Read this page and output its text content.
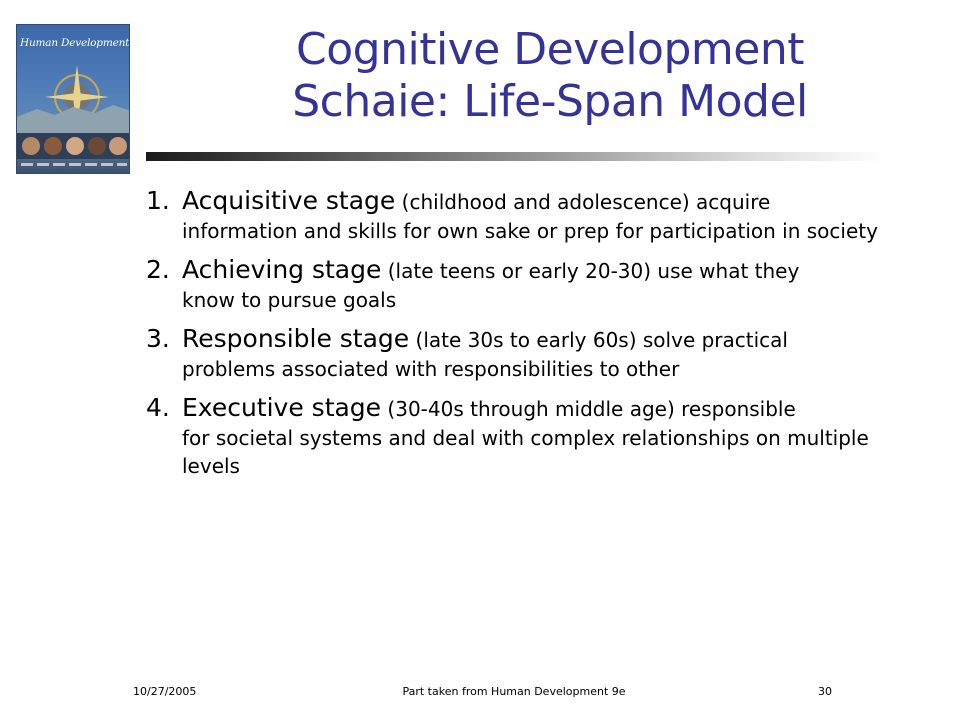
Human Development	Cognitive Development
Schaie: Life-Span Model
1. Acquisitive stage (childhood and adolescence) acquire
information and skills for own sake or prep for participation in society
2. Achieving stage (late teens or early 20-30) use what they
know to pursue goals
3. Responsible stage (late 30s to early 60s) solve practical
problems associated with responsibilities to other
4. Executive stage (30-40s through middle age) responsible
for societal systems and deal with complex relationships on multiple levels
10/27/2005	Part taken from Human Development 9e	30
